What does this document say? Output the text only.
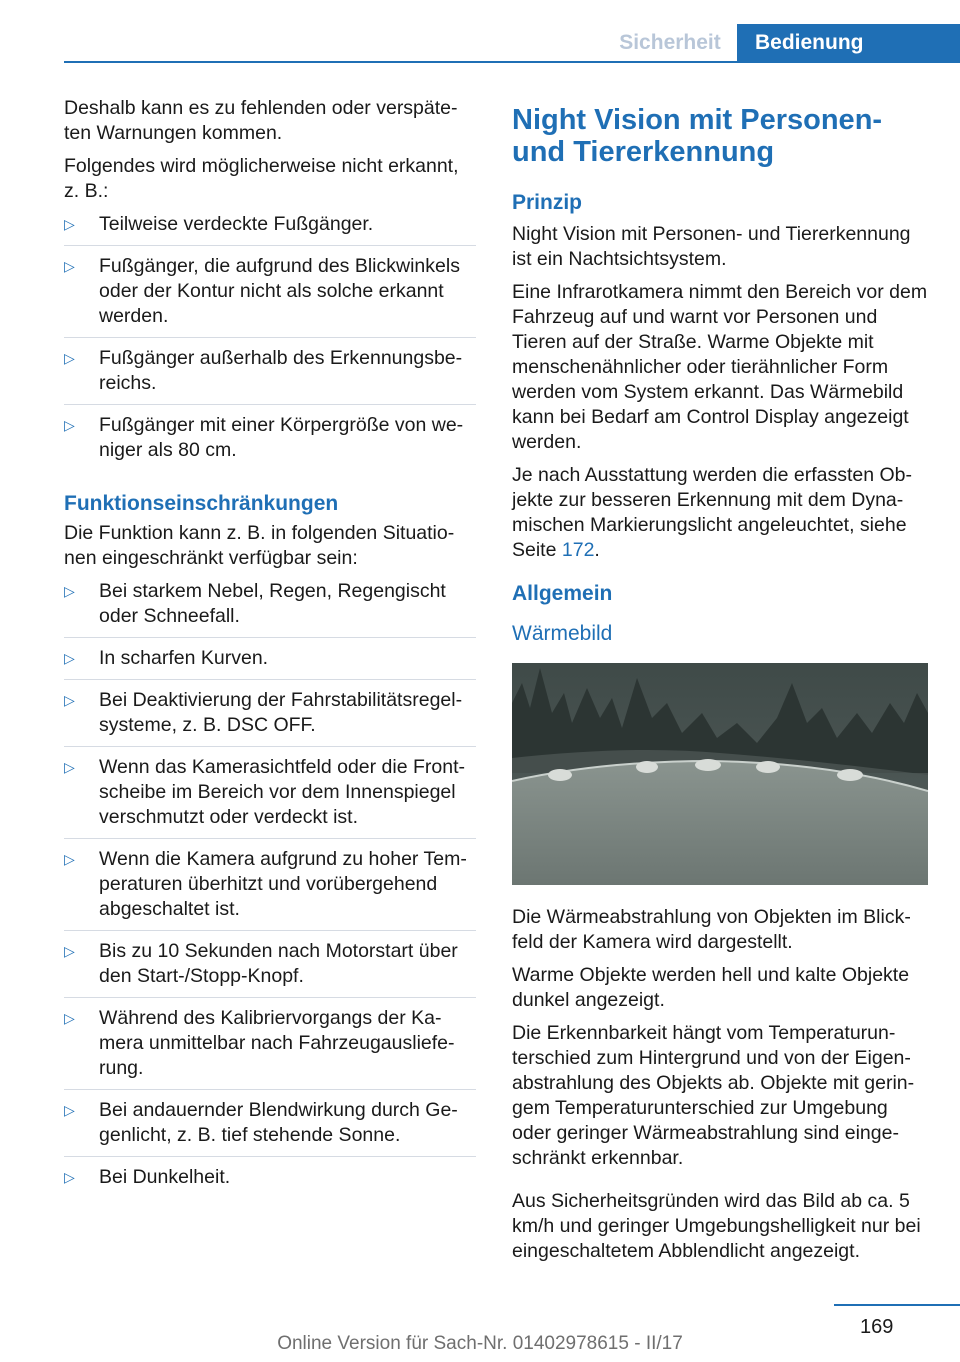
Sicherheit	Bedienung

Deshalb kann es zu fehlenden oder verspäte-ten Warnungen kommen.

Folgendes wird möglicherweise nicht erkannt, z. B.:

▷ Teilweise verdeckte Fußgänger.
▷ Fußgänger, die aufgrund des Blickwinkels oder der Kontur nicht als solche erkannt werden.
▷ Fußgänger außerhalb des Erkennungsbe-reichs.
▷ Fußgänger mit einer Körpergröße von we-niger als 80 cm.
Funktionseinschränkungen

Die Funktion kann z. B. in folgenden Situatio-nen eingeschränkt verfügbar sein:

▷ Bei starkem Nebel, Regen, Regengischt oder Schneefall.
▷ In scharfen Kurven.
▷ Bei Deaktivierung der Fahrstabilitätsregel-systeme, z. B. DSC OFF.
▷ Wenn das Kamerasichtfeld oder die Front-scheibe im Bereich vor dem Innenspiegel verschmutzt oder verdeckt ist.
▷ Wenn die Kamera aufgrund zu hoher Tem-peraturen überhitzt und vorübergehend abgeschaltet ist.
▷ Bis zu 10 Sekunden nach Motorstart über den Start-/Stopp-Knopf.
▷ Während des Kalibriervorgangs der Ka-mera unmittelbar nach Fahrzeugausliefe-rung.
▷ Bei andauernder Blendwirkung durch Ge-genlicht, z. B. tief stehende Sonne.
▷ Bei Dunkelheit.
Night Vision mit Personen-
und Tiererkennung
Prinzip

Night Vision mit Personen- und Tiererkennung ist ein Nachtsichtsystem.

Eine Infrarotkamera nimmt den Bereich vor dem Fahrzeug auf und warnt vor Personen und Tieren auf der Straße. Warme Objekte mit menschenähnlicher oder tierähnlicher Form werden vom System erkannt. Das Wärmebild kann bei Bedarf am Control Display angezeigt werden.

Je nach Ausstattung werden die erfassten Ob-jekte zur besseren Erkennung mit dem Dyna-mischen Markierungslicht angeleuchtet, siehe Seite 172.

Allgemein
Wärmebild

Die Wärmeabstrahlung von Objekten im Blick-feld der Kamera wird dargestellt.

Warme Objekte werden hell und kalte Objekte dunkel angezeigt.

Die Erkennbarkeit hängt vom Temperaturun-terschied zum Hintergrund und von der Eigen-abstrahlung des Objekts ab. Objekte mit gerin-gem Temperaturunterschied zur Umgebung oder geringer Wärmeabstrahlung sind einge-schränkt erkennbar.

Aus Sicherheitsgründen wird das Bild ab ca. 5 km/h und geringer Umgebungshelligkeit nur bei eingeschaltetem Abblendlicht angezeigt.

169
Online Version für Sach-Nr. 01402978615 - II/17
